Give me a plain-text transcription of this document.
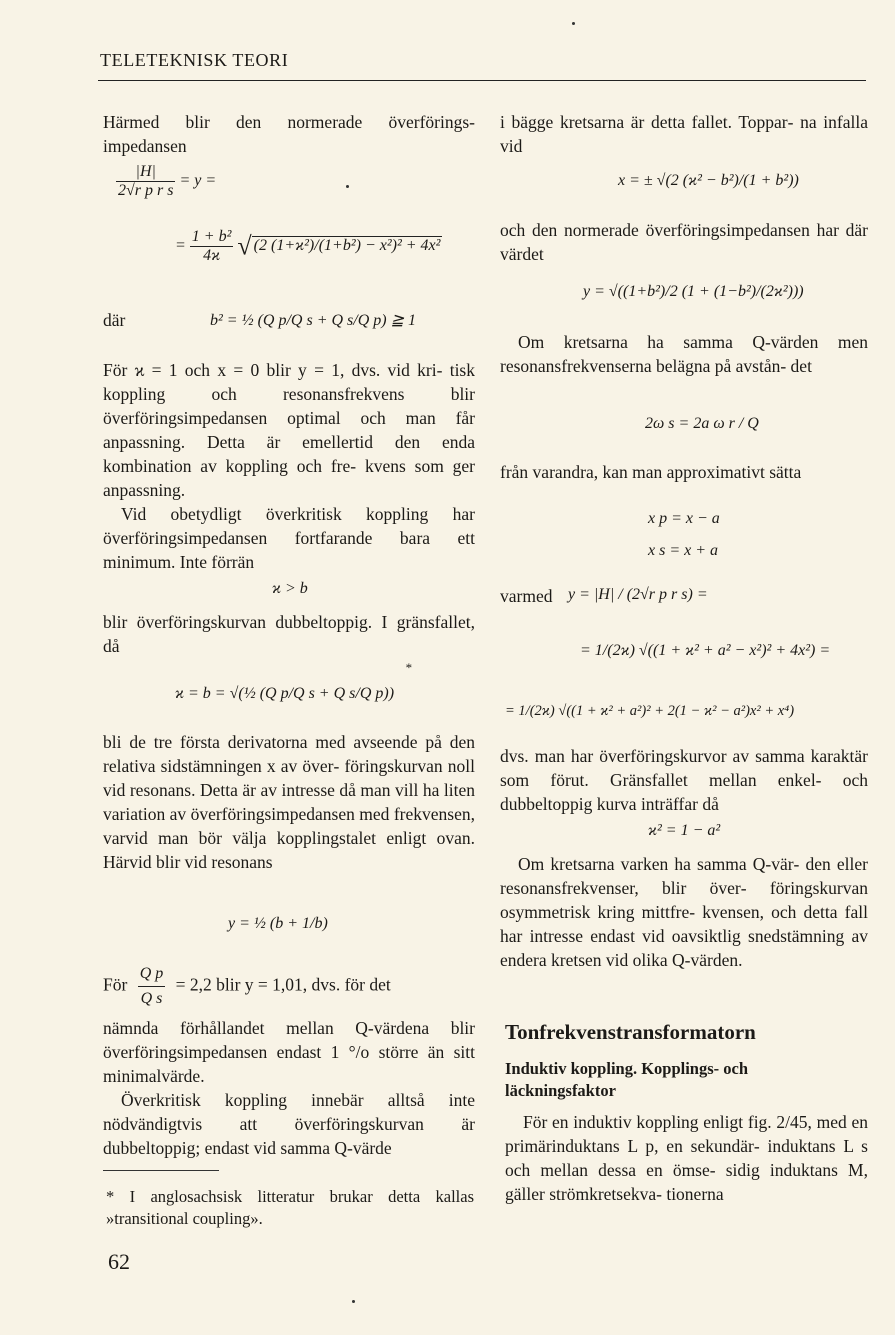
TELETEKNISK TEORI

Härmed blir den normerade överförings‐ impedansen

$\frac{|H|}{\text{2√r p r s}} = y$ =
= $\frac{\text{1 + b²}}{4ϰ}$ √ (2 (1+ϰ²)/(1+b²) − x²)² + 4x²
där	b² = ½ (Q p/Q s + Q s/Q p) ≧ 1

För ϰ = 1 och x = 0 blir y = 1, dvs. vid kri‐ tisk koppling och resonansfrekvens blir överföringsimpedansen optimal och man får anpassning. Detta är emellertid den enda kombination av koppling och fre‐ kvens som ger anpassning.

Vid obetydligt överkritisk koppling har överföringsimpedansen fortfarande bara ett minimum. Inte förrän

ϰ > b

blir överföringskurvan dubbeltoppig. I gränsfallet, då

ϰ = b = √(½ (Q p/Q s + Q s/Q p))
*

bli de tre första derivatorna med avseende på den relativa sidstämningen x av över‐ föringskurvan noll vid resonans. Detta är av intresse då man vill ha liten variation av överföringsimpedansen med frekvensen, varvid man bör välja kopplingstalet enligt ovan. Härvid blir vid resonans

y = ½ (b + 1/b)
För $\frac{\text{Q p}}{\text{Q s}} = 2,2$ blir y = 1,01, dvs. för det

nämnda förhållandet mellan Q‐värdena blir överföringsimpedansen endast 1 °/o större än sitt minimalvärde.

Överkritisk koppling innebär alltså inte nödvändigtvis att överföringskurvan är dubbeltoppig; endast vid samma Q‐värde

* I anglosachsisk litteratur brukar detta kallas »transitional coupling».
62

i bägge kretsarna är detta fallet. Toppar‐ na infalla vid

x = ± √(2 (ϰ² − b²)/(1 + b²))

och den normerade överföringsimpedansen har där värdet

y = √((1+b²)/2 (1 + (1−b²)/(2ϰ²)))

Om kretsarna ha samma Q‐värden men resonansfrekvenserna belägna på avstån‐ det

2ω s = 2a ω r / Q

från varandra, kan man approximativt sätta

x p = x − a
x s = x + a
varmed y = |H| / (2√r p r s) =
= 1/(2ϰ) √((1 + ϰ² + a² − x²)² + 4x²) =
= 1/(2ϰ) √((1 + ϰ² + a²)² + 2(1 − ϰ² − a²)x² + x⁴)

dvs. man har överföringskurvor av samma karaktär som förut. Gränsfallet mellan enkel‐ och dubbeltoppig kurva inträffar då

ϰ² = 1 − a²

Om kretsarna varken ha samma Q‐vär‐ den eller resonansfrekvenser, blir över‐ föringskurvan osymmetrisk kring mittfre‐ kvensen, och detta fall har intresse endast vid oavsiktlig snedstämning av endera kretsen vid olika Q‐värden.

Tonfrekvenstransformatorn
Induktiv koppling. Kopplings- och läckningsfaktor

För en induktiv koppling enligt fig. 2/45, med en primärinduktans L p, en sekundär‐ induktans L s och mellan dessa en ömse‐ sidig induktans M, gäller strömkretsekva‐ tionerna
